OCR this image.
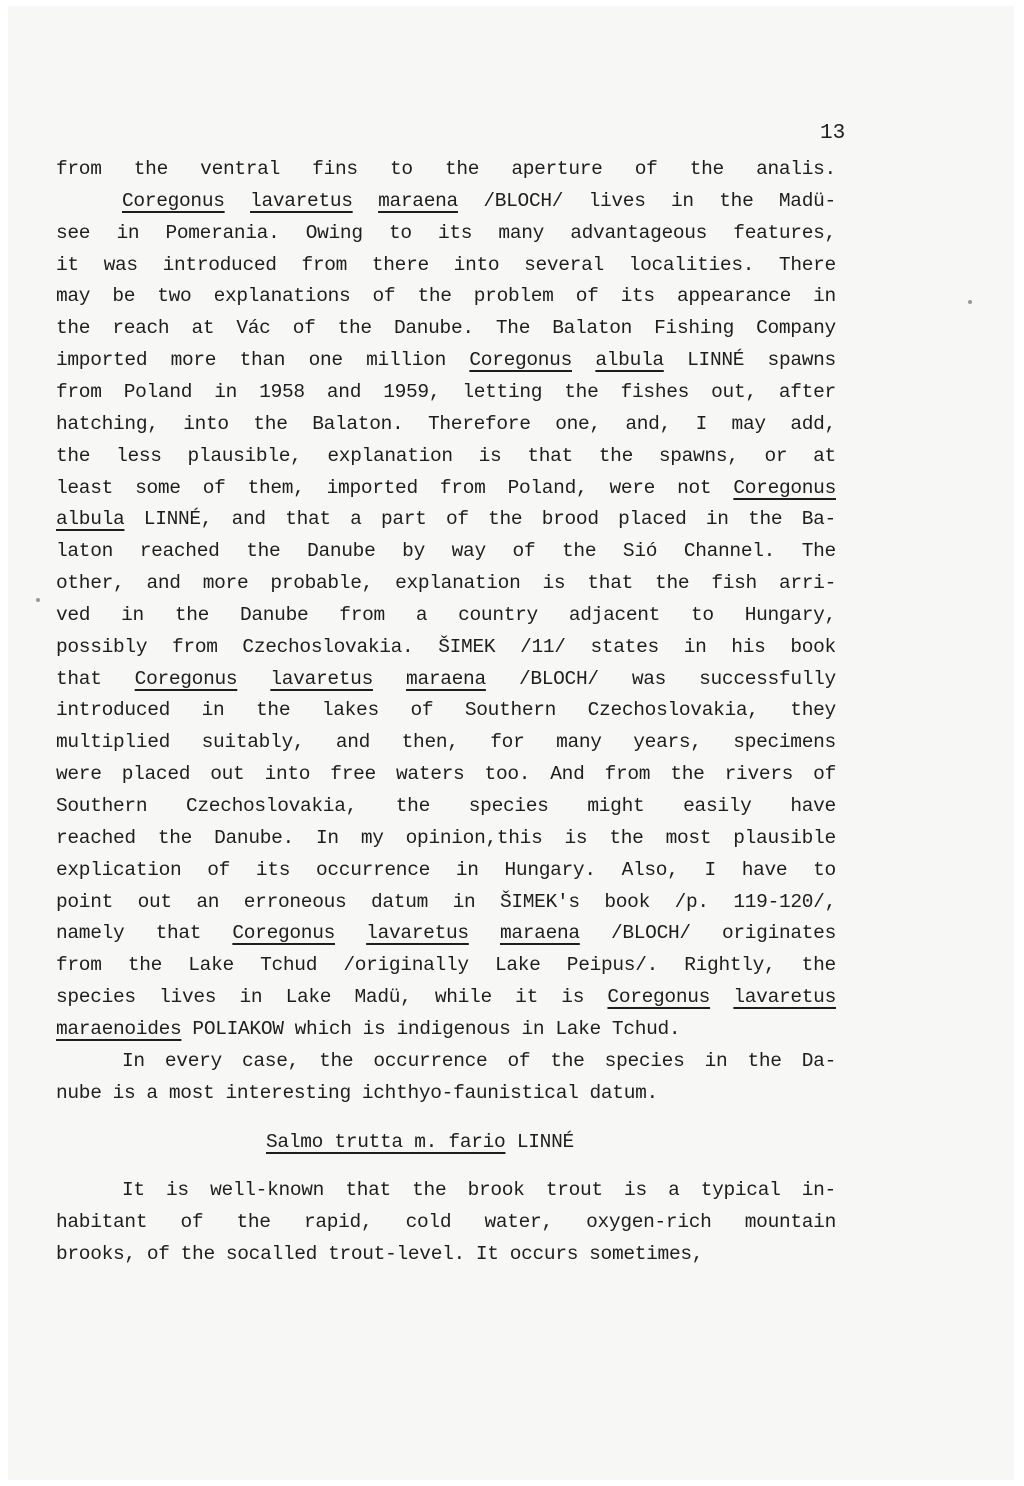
13
from the ventral fins to the aperture of the analis.
Coregonus lavaretus maraena /BLOCH/ lives in the Madü-
see in Pomerania. Owing to its many advantageous features,
it was introduced from there into several localities. There
may be two explanations of the problem of its appearance in
the reach at Vác of the Danube. The Balaton Fishing Company
imported more than one million Coregonus albula LINNÉ spawns
from Poland in 1958 and 1959, letting the fishes out, after
hatching, into the Balaton. Therefore one, and, I may add,
the less plausible, explanation is that the spawns, or at
least some of them, imported from Poland, were not Coregonus
albula LINNÉ, and that a part of the brood placed in the Ba-
laton reached the Danube by way of the Sió Channel. The
other, and more probable, explanation is that the fish arri-
ved in the Danube from a country adjacent to Hungary,
possibly from Czechoslovakia. ŠIMEK /11/ states in his book
that Coregonus lavaretus maraena /BLOCH/ was successfully
introduced in the lakes of Southern Czechoslovakia, they
multiplied suitably, and then, for many years, specimens
were placed out into free waters too. And from the rivers of
Southern Czechoslovakia, the species might easily have
reached the Danube. In my opinion,this is the most plausible
explication of its occurrence in Hungary. Also, I have to
point out an erroneous datum in ŠIMEK's book /p. 119-120/,
namely that Coregonus lavaretus maraena /BLOCH/ originates
from the Lake Tchud /originally Lake Peipus/. Rightly, the
species lives in Lake Madü, while it is Coregonus lavaretus
maraenoides POLIAKOW which is indigenous in Lake Tchud.
In every case, the occurrence of the species in the Da-
nube is a most interesting ichthyo-faunistical datum.
It is well-known that the brook trout is a typical in-
habitant of the rapid, cold water, oxygen-rich mountain
brooks, of the socalled trout-level. It occurs sometimes,
Salmo trutta m. fario LINNÉ
